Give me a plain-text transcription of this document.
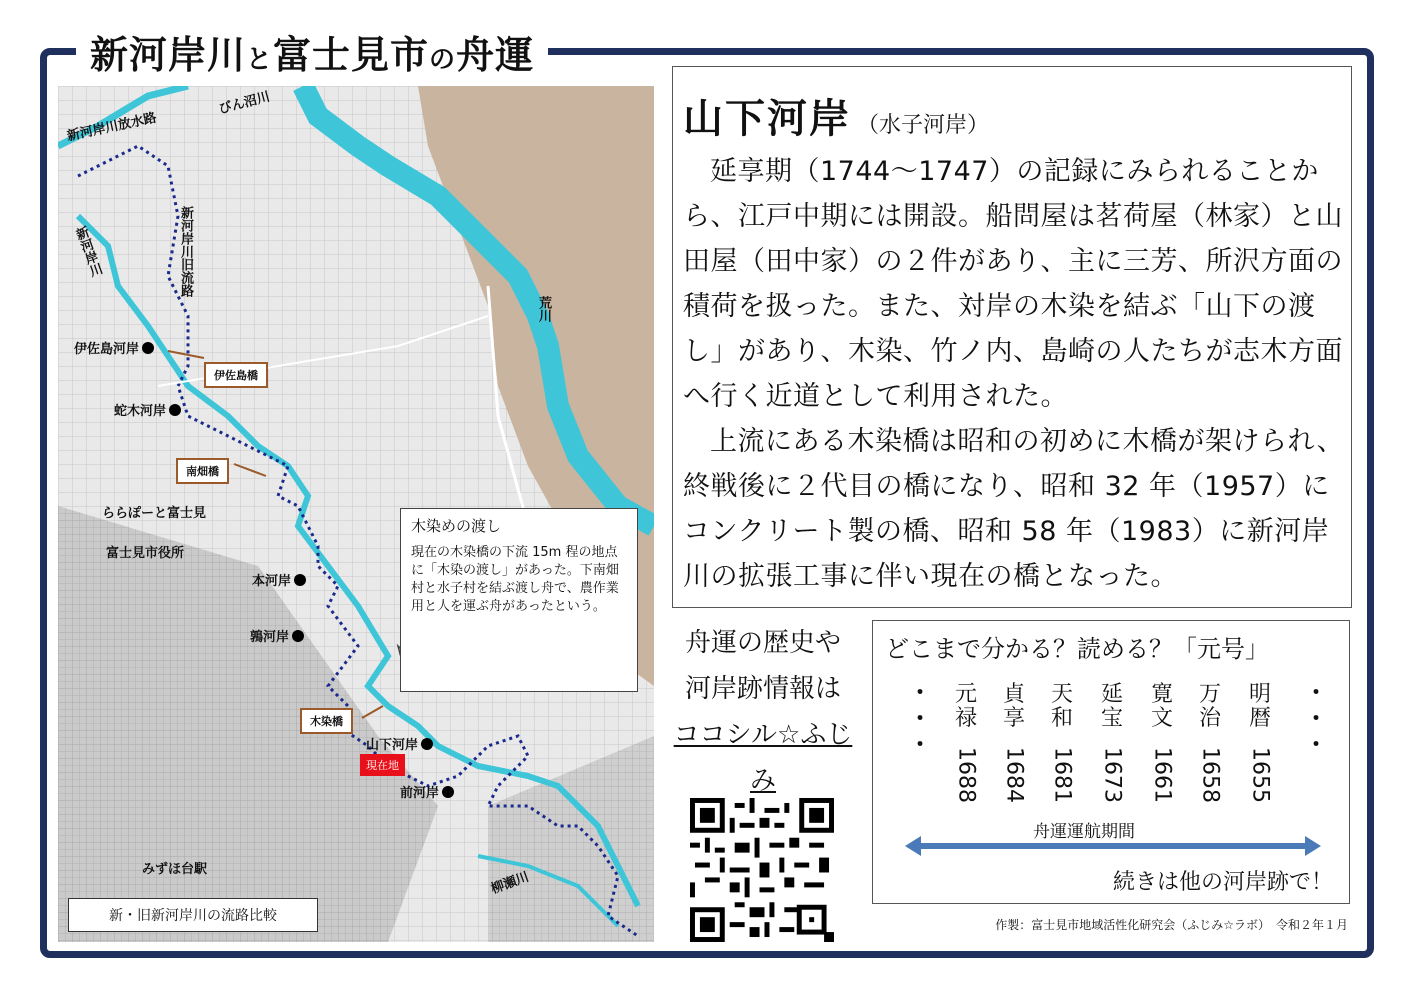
新河岸川と富士見市の舟運
新河岸川放水路
びん沼川
荒川
新河岸川	新河岸川旧流路
伊佐島河岸
蛇木河岸
本河岸
鶉河岸
山下河岸
前河岸
伊佐島橋
南畑橋
木染橋
現在地
ららぽーと富士見
富士見市役所
みずほ台駅
柳瀬川
木染めの渡し
現在の木染橋の下流 15m 程の地点に「木染の渡し」があった。下南畑村と水子村を結ぶ渡し舟で、農作業用と人を運ぶ舟があったという。
新・旧新河岸川の流路比較
山下河岸 （水子河岸）

延享期（1744〜1747）の記録にみられることから、江戸中期には開設。船問屋は茗荷屋（林家）と山田屋（田中家）の２件があり、主に三芳、所沢方面の積荷を扱った。また、対岸の木染を結ぶ「山下の渡し」があり、木染、竹ノ内、島崎の人たちが志木方面へ行く近道として利用された。

上流にある木染橋は昭和の初めに木橋が架けられ、終戦後に２代目の橋になり、昭和 32 年（1957）にコンクリート製の橋、昭和 58 年（1983）に新河岸川の拡張工事に伴い現在の橋となった。

舟運の歴史や
河岸跡情報は
ココシル☆ふじみ
どこまで分かる？読める？「元号」
・
・
・
元禄
1688
貞享
1684
天和
1681
延宝
1673
寛文
1661
万治
1658
明暦
1655
・
・
・
舟運運航期間
続きは他の河岸跡で！
作製：富士見市地域活性化研究会（ふじみ☆ラボ）　令和２年１月
